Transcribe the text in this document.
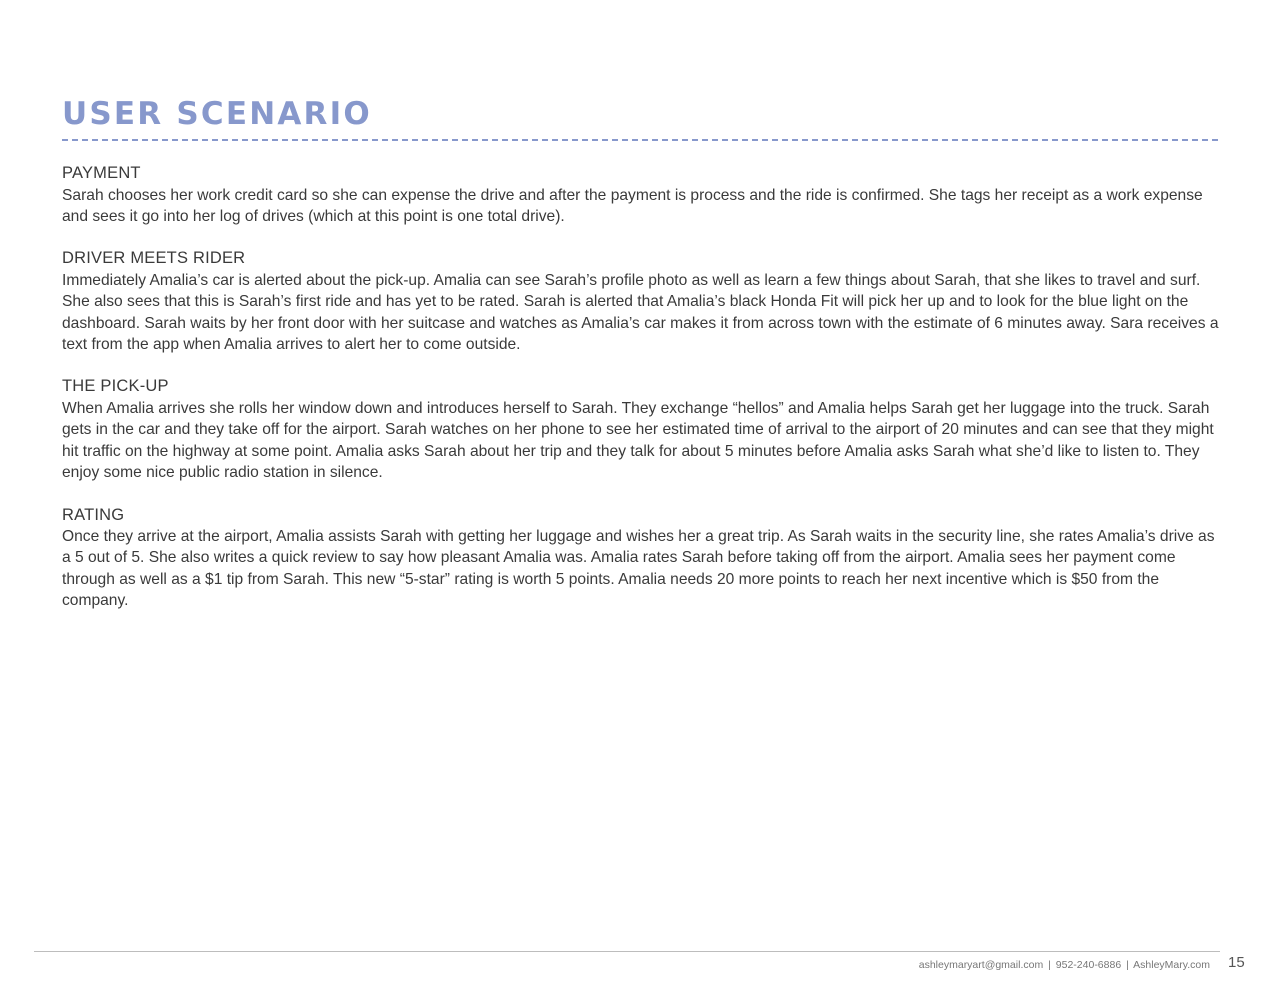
USER SCENARIO
PAYMENT

Sarah chooses her work credit card so she can expense the drive and after the payment is process and the ride is confirmed. She tags her receipt as a work expense and sees it go into her log of drives (which at this point is one total drive).

DRIVER MEETS RIDER

Immediately Amalia’s car is alerted about the pick-up. Amalia can see Sarah’s profile photo as well as learn a few things about Sarah, that she likes to travel and surf. She also sees that this is Sarah’s first ride and has yet to be rated. Sarah is alerted that Amalia’s black Honda Fit will pick her up and to look for the blue light on the dashboard. Sarah waits by her front door with her suitcase and watches as Amalia’s car makes it from across town with the estimate of 6 minutes away. Sara receives a text from the app when Amalia arrives to alert her to come outside.

THE PICK-UP

When Amalia arrives she rolls her window down and introduces herself to Sarah. They exchange “hellos” and Amalia helps Sarah get her luggage into the truck. Sarah gets in the car and they take off for the airport. Sarah watches on her phone to see her estimated time of arrival to the airport of 20 minutes and can see that they might hit traffic on the highway at some point. Amalia asks Sarah about her trip and they talk for about 5 minutes before Amalia asks Sarah what she’d like to listen to. They enjoy some nice public radio station in silence.

RATING

Once they arrive at the airport, Amalia assists Sarah with getting her luggage and wishes her a great trip. As Sarah waits in the security line, she rates Amalia’s drive as a 5 out of 5. She also writes a quick review to say how pleasant Amalia was. Amalia rates Sarah before taking off from the airport. Amalia sees her payment come through as well as a $1 tip from Sarah. This new “5-star” rating is worth 5 points. Amalia needs 20 more points to reach her next incentive which is $50 from the company.

ashleymaryart@gmail.com | 952-240-6886 | AshleyMary.com 15
